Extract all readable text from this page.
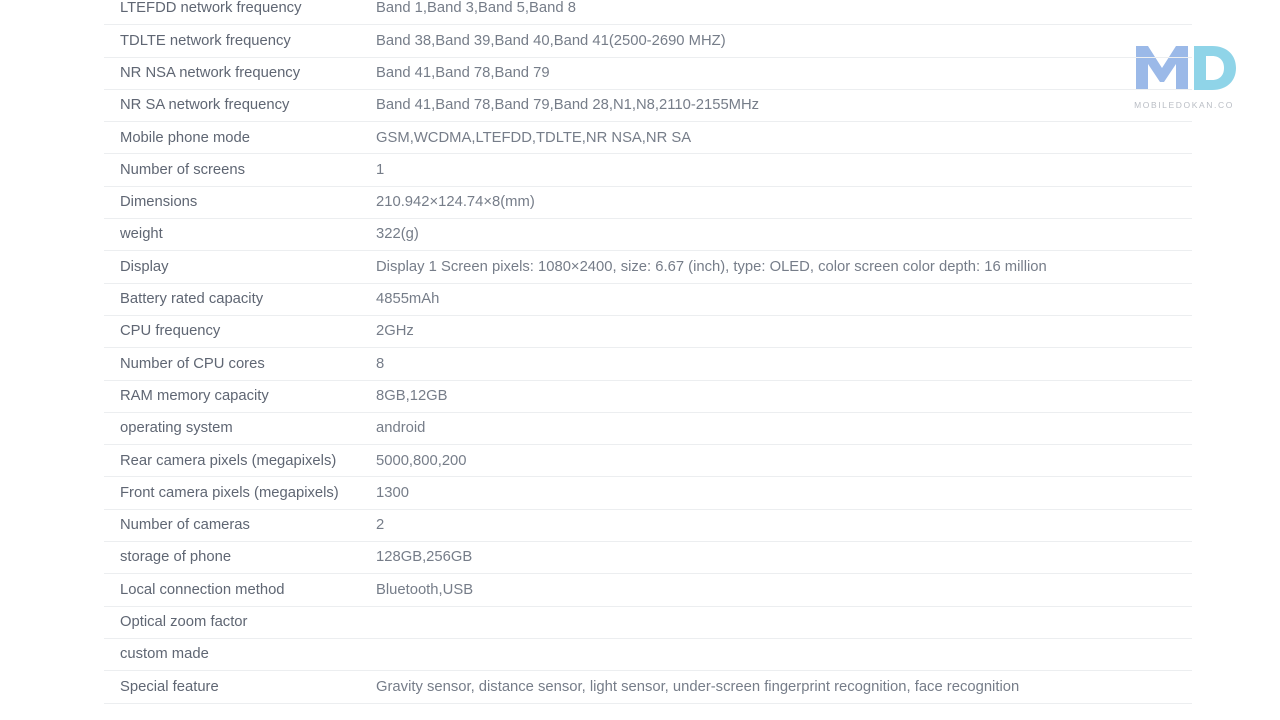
MOBILEDOKAN.CO
LTEFDD network frequency	Band 1,Band 3,Band 5,Band 8
TDLTE network frequency	Band 38,Band 39,Band 40,Band 41(2500-2690 MHZ)
NR NSA network frequency	Band 41,Band 78,Band 79
NR SA network frequency	Band 41,Band 78,Band 79,Band 28,N1,N8,2110-2155MHz
Mobile phone mode	GSM,WCDMA,LTEFDD,TDLTE,NR NSA,NR SA
Number of screens	1
Dimensions	210.942×124.74×8(mm)
weight	322(g)
Display	Display 1 Screen pixels: 1080×2400, size: 6.67 (inch), type: OLED, color screen color depth: 16 million
Battery rated capacity	4855mAh
CPU frequency	2GHz
Number of CPU cores	8
RAM memory capacity	8GB,12GB
operating system	android
Rear camera pixels (megapixels)	5000,800,200
Front camera pixels (megapixels)	1300
Number of cameras	2
storage of phone	128GB,256GB
Local connection method	Bluetooth,USB
Optical zoom factor	
custom made	
Special feature	Gravity sensor, distance sensor, light sensor, under-screen fingerprint recognition, face recognition
